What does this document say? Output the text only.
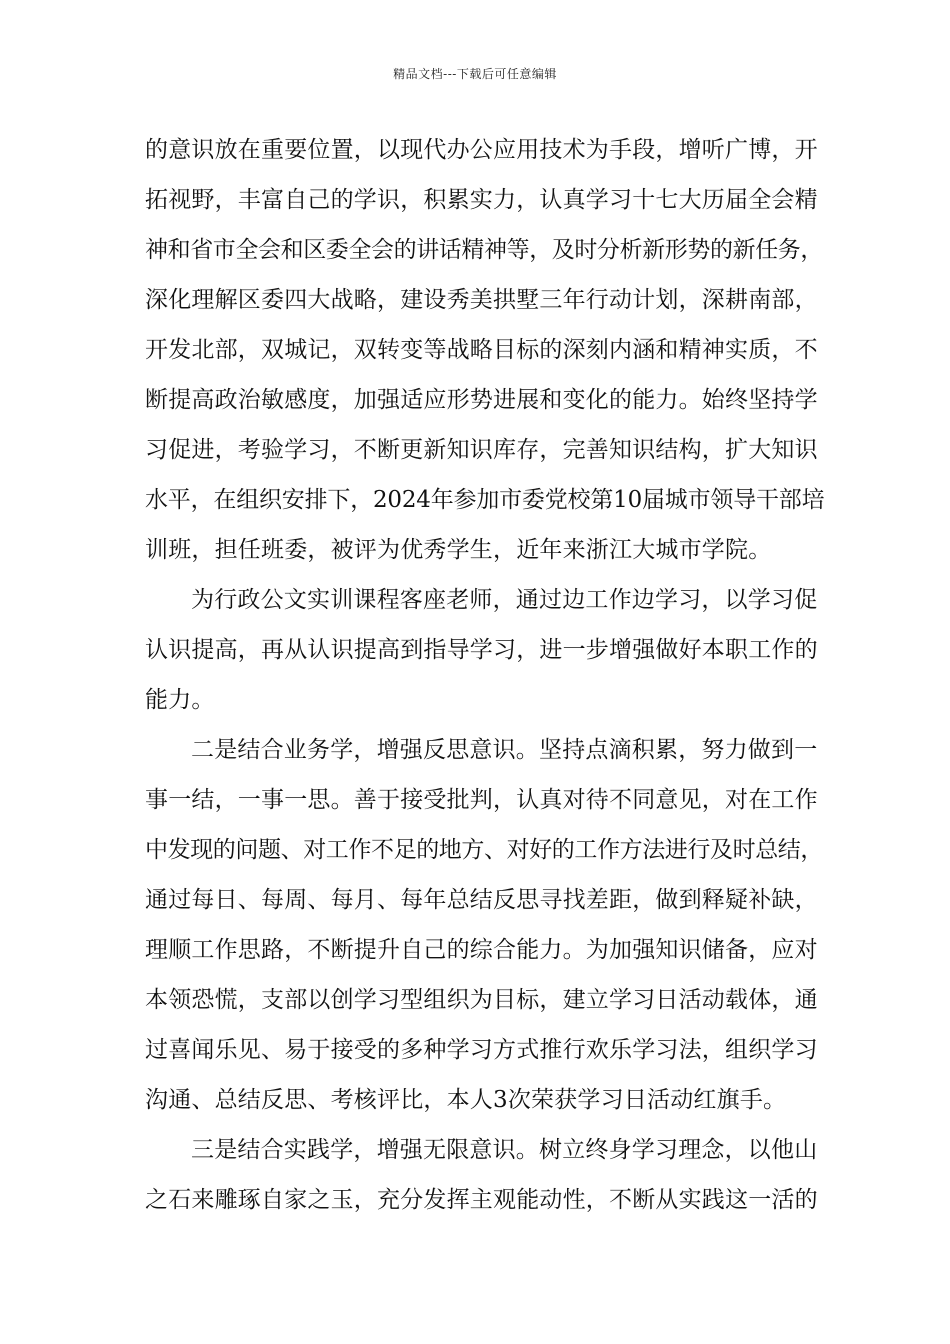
精品文档---下载后可任意编辑
的意识放在重要位置，以现代办公应用技术为手段，增听广博，开
拓视野，丰富自己的学识，积累实力，认真学习十七大历届全会精
神和省市全会和区委全会的讲话精神等，及时分析新形势的新任务，
深化理解区委四大战略，建设秀美拱墅三年行动计划，深耕南部，
开发北部，双城记，双转变等战略目标的深刻内涵和精神实质，不
断提高政治敏感度，加强适应形势进展和变化的能力。始终坚持学
习促进，考验学习，不断更新知识库存，完善知识结构，扩大知识
水平，在组织安排下，2024年参加市委党校第10届城市领导干部培
训班，担任班委，被评为优秀学生，近年来浙江大城市学院。
为行政公文实训课程客座老师，通过边工作边学习，以学习促
认识提高，再从认识提高到指导学习，进一步增强做好本职工作的
能力。
二是结合业务学，增强反思意识。坚持点滴积累，努力做到一
事一结，一事一思。善于接受批判，认真对待不同意见，对在工作
中发现的问题、对工作不足的地方、对好的工作方法进行及时总结，
通过每日、每周、每月、每年总结反思寻找差距，做到释疑补缺，
理顺工作思路，不断提升自己的综合能力。为加强知识储备，应对
本领恐慌，支部以创学习型组织为目标，建立学习日活动载体，通
过喜闻乐见、易于接受的多种学习方式推行欢乐学习法，组织学习
沟通、总结反思、考核评比，本人3次荣获学习日活动红旗手。
三是结合实践学，增强无限意识。树立终身学习理念，以他山
之石来雕琢自家之玉，充分发挥主观能动性，不断从实践这一活的
